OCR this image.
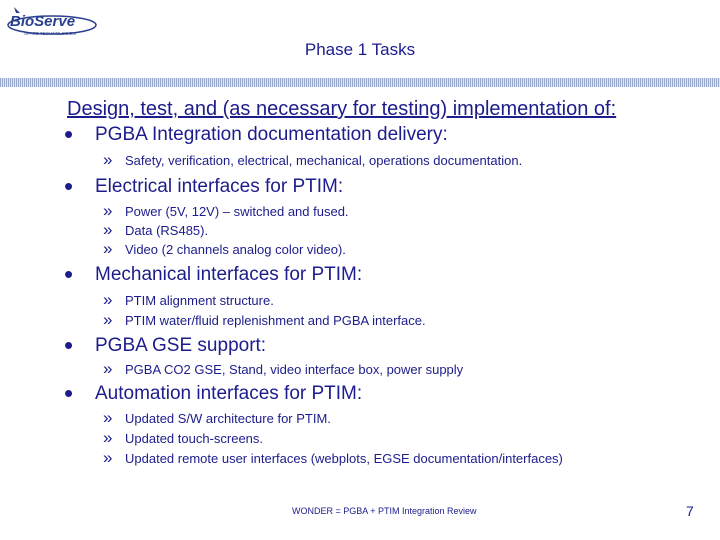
BioServe
SPACE TECHNOLOGIES
Phase 1 Tasks
Design, test, and (as necessary for testing) implementation of:
• PGBA Integration documentation delivery:
» Safety, verification, electrical, mechanical, operations documentation.
• Electrical interfaces for PTIM:
» Power (5V, 12V) – switched and fused.
» Data (RS485).
» Video (2 channels analog color video).
• Mechanical interfaces for PTIM:
» PTIM alignment structure.
» PTIM water/fluid replenishment and PGBA interface.
• PGBA GSE support:
» PGBA CO2 GSE, Stand, video interface box, power supply
• Automation interfaces for PTIM:
» Updated S/W architecture for PTIM.
» Updated touch-screens.
» Updated remote user interfaces (webplots, EGSE documentation/interfaces)
WONDER = PGBA + PTIM Integration Review	7
